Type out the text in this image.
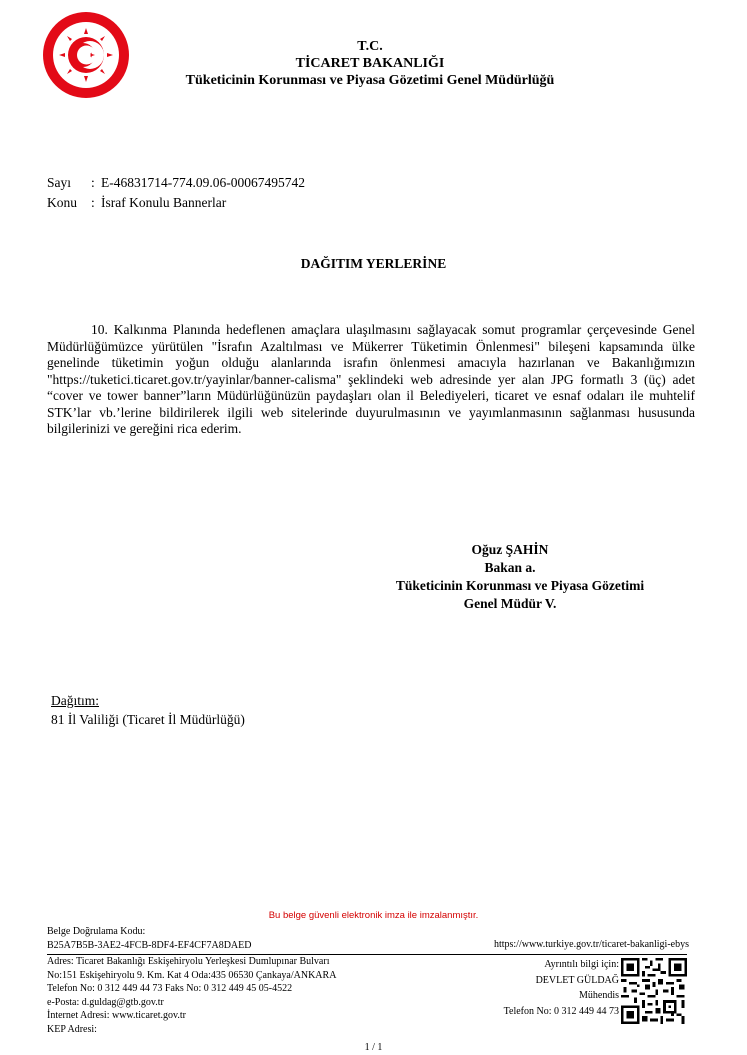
T.C.
TİCARET BAKANLIĞI
Tüketicinin Korunması ve Piyasa Gözetimi Genel Müdürlüğü
Sayı	: E-46831714-774.09.06-00067495742
Konu	: İsraf Konulu Bannerlar
DAĞITIM YERLERİNE
10. Kalkınma Planında hedeflenen amaçlara ulaşılmasını sağlayacak somut programlar çerçevesinde Genel Müdürlüğümüzce yürütülen "İsrafın Azaltılması ve Mükerrer Tüketimin Önlenmesi" bileşeni kapsamında ülke genelinde tüketimin yoğun olduğu alanlarında israfın önlenmesi amacıyla hazırlanan ve Bakanlığımızın "https://tuketici.ticaret.gov.tr/yayinlar/banner-calisma" şeklindeki web adresinde yer alan JPG formatlı 3 (üç) adet “cover ve tower banner”ların Müdürlüğünüzün paydaşları olan il Belediyeleri, ticaret ve esnaf odaları ile muhtelif STK’lar vb.’lerine bildirilerek ilgili web sitelerinde duyurulmasının ve yayımlanmasının sağlanması hususunda bilgilerinizi ve gereğini rica ederim.
Oğuz ŞAHİN
Bakan a.
Tüketicinin Korunması ve Piyasa Gözetimi
Genel Müdür V.
Dağıtım:
81 İl Valiliği (Ticaret İl Müdürlüğü)
Bu belge güvenli elektronik imza ile imzalanmıştır.
Belge Doğrulama Kodu:
B25A7B5B-3AE2-4FCB-8DF4-EF4CF7A8DAED	https://www.turkiye.gov.tr/ticaret-bakanligi-ebys
Adres: Ticaret Bakanlığı Eskişehiryolu Yerleşkesi Dumlupınar Bulvarı
No:151 Eskişehiryolu 9. Km. Kat 4 Oda:435 06530 Çankaya/ANKARA
Telefon No: 0 312 449 44 73 Faks No: 0 312 449 45 05-4522
e-Posta: d.guldag@gtb.gov.tr
İnternet Adresi: www.ticaret.gov.tr
KEP Adresi:
Ayrıntılı bilgi için:
DEVLET GÜLDAĞ
Mühendis
Telefon No: 0 312 449 44 73
1 / 1
